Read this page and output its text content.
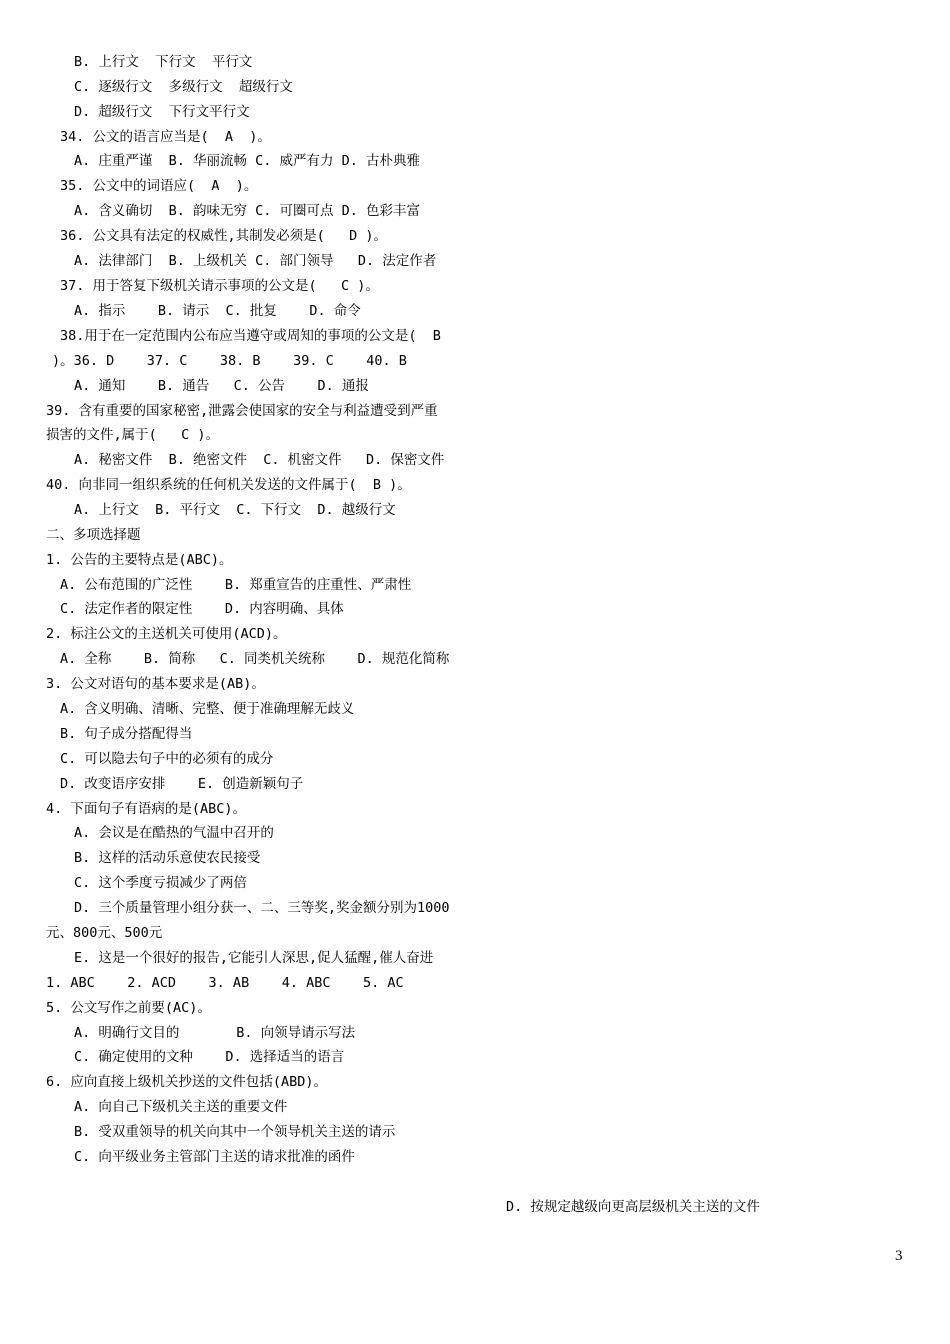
B. 上行文  下行文  平行文
C. 逐级行文  多级行文  超级行文
D. 超级行文  下行文平行文
34. 公文的语言应当是(  A  )。
A. 庄重严谨  B. 华丽流畅 C. 威严有力 D. 古朴典雅
35. 公文中的词语应(  A  )。
A. 含义确切  B. 韵味无穷 C. 可圈可点 D. 色彩丰富
36. 公文具有法定的权威性,其制发必须是(   D )。
A. 法律部门  B. 上级机关 C. 部门领导   D. 法定作者
37. 用于答复下级机关请示事项的公文是(   C )。
A. 指示    B. 请示  C. 批复    D. 命令
38.用于在一定范围内公布应当遵守或周知的事项的公文是(  B
)。36. D    37. C    38. B    39. C    40. B
A. 通知    B. 通告   C. 公告    D. 通报
39. 含有重要的国家秘密,泄露会使国家的安全与利益遭受到严重
损害的文件,属于(   C )。
A. 秘密文件  B. 绝密文件  C. 机密文件   D. 保密文件
40. 向非同一组织系统的任何机关发送的文件属于(  B )。
A. 上行文  B. 平行文  C. 下行文  D. 越级行文
二、多项选择题
1. 公告的主要特点是(ABC)。
A. 公布范围的广泛性    B. 郑重宣告的庄重性、严肃性
C. 法定作者的限定性    D. 内容明确、具体
2. 标注公文的主送机关可使用(ACD)。
A. 全称    B. 简称   C. 同类机关统称    D. 规范化简称
3. 公文对语句的基本要求是(AB)。
A. 含义明确、清晰、完整、便于准确理解无歧义
B. 句子成分搭配得当
C. 可以隐去句子中的必须有的成分
D. 改变语序安排    E. 创造新颖句子
4. 下面句子有语病的是(ABC)。
A. 会议是在酷热的气温中召开的
B. 这样的活动乐意使农民接受
C. 这个季度亏损减少了两倍
D. 三个质量管理小组分获一、二、三等奖,奖金额分别为1000
元、800元、500元
E. 这是一个很好的报告,它能引人深思,促人猛醒,催人奋进
1. ABC    2. ACD    3. AB    4. ABC    5. AC
5. 公文写作之前要(AC)。
A. 明确行文目的       B. 向领导请示写法
C. 确定使用的文种    D. 选择适当的语言
6. 应向直接上级机关抄送的文件包括(ABD)。
A. 向自己下级机关主送的重要文件
B. 受双重领导的机关向其中一个领导机关主送的请示
C. 向平级业务主管部门主送的请求批准的函件
D. 按规定越级向更高层级机关主送的文件
3
